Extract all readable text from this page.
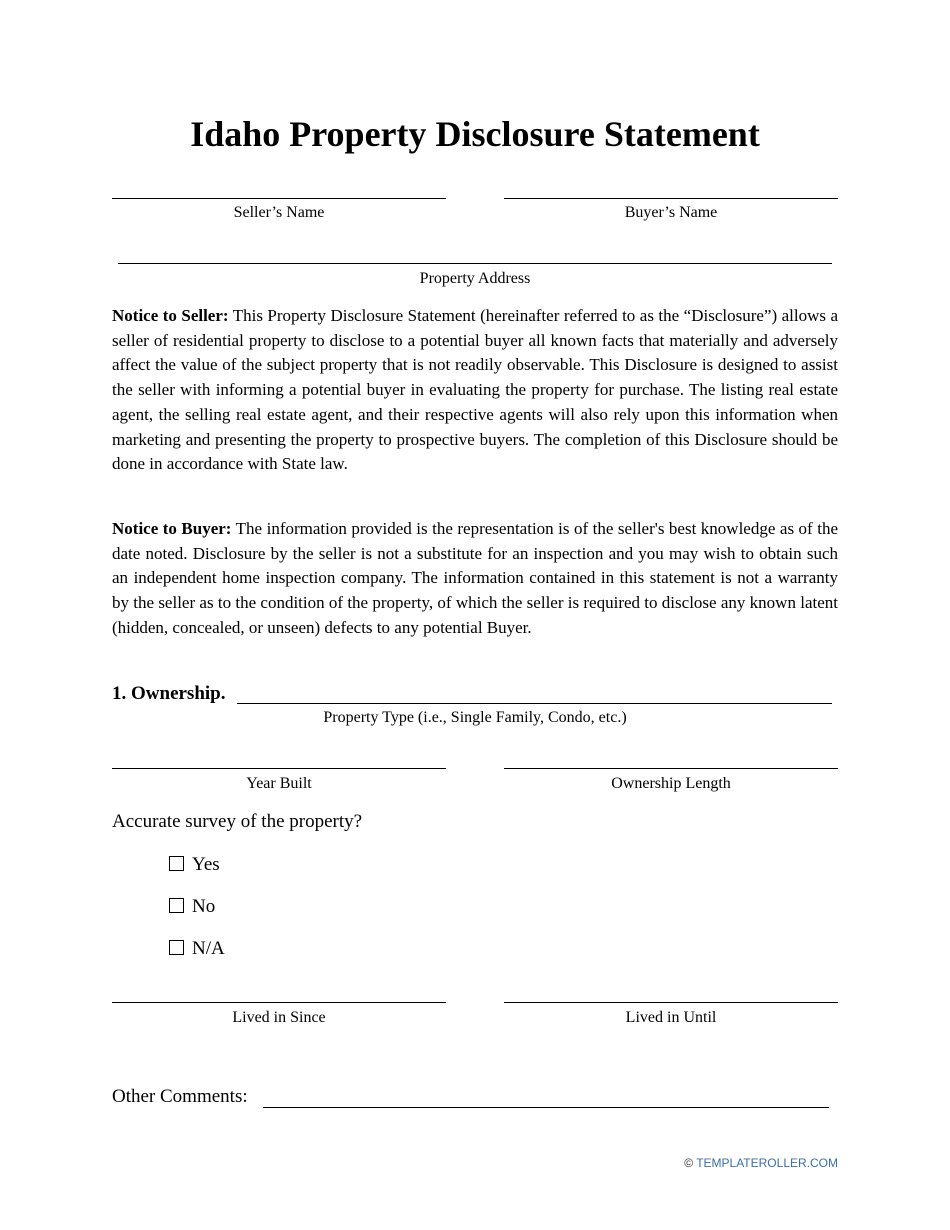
Idaho Property Disclosure Statement
Seller’s Name	Buyer’s Name
Property Address
Notice to Seller: This Property Disclosure Statement (hereinafter referred to as the “Disclosure”) allows a seller of residential property to disclose to a potential buyer all known facts that materially and adversely affect the value of the subject property that is not readily observable. This Disclosure is designed to assist the seller with informing a potential buyer in evaluating the property for purchase. The listing real estate agent, the selling real estate agent, and their respective agents will also rely upon this information when marketing and presenting the property to prospective buyers. The completion of this Disclosure should be done in accordance with State law.
Notice to Buyer: The information provided is the representation is of the seller's best knowledge as of the date noted. Disclosure by the seller is not a substitute for an inspection and you may wish to obtain such an independent home inspection company. The information contained in this statement is not a warranty by the seller as to the condition of the property, of which the seller is required to disclose any known latent (hidden, concealed, or unseen) defects to any potential Buyer.
1. Ownership.
Property Type (i.e., Single Family, Condo, etc.)
Year Built	Ownership Length
Accurate survey of the property?
Yes
No
N/A
Lived in Since	Lived in Until
Other Comments:
© TEMPLATEROLLER.COM
